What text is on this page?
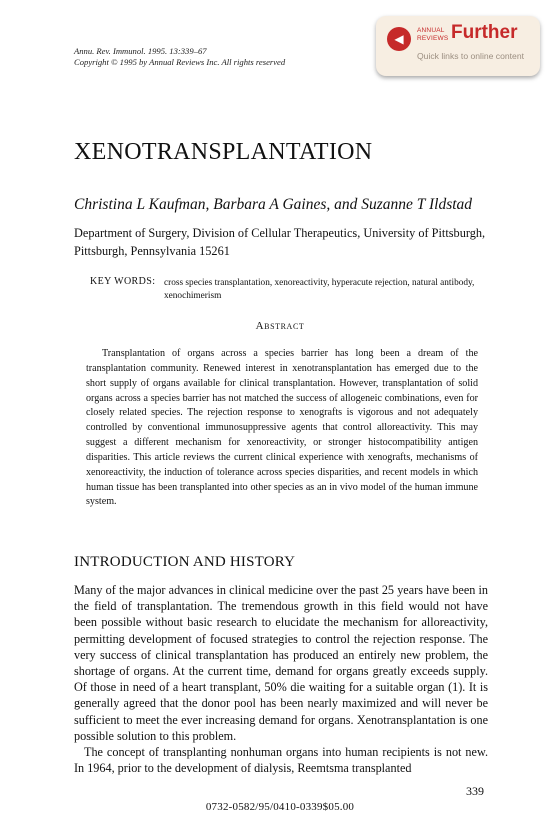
Annu. Rev. Immunol. 1995. 13:339–67
Copyright © 1995 by Annual Reviews Inc. All rights reserved
◀
ANNUAL
REVIEWS Further
Quick links to online content
XENOTRANSPLANTATION
Christina L Kaufman, Barbara A Gaines, and Suzanne T Ildstad
Department of Surgery, Division of Cellular Therapeutics, University of Pittsburgh, Pittsburgh, Pennsylvania 15261
KEY WORDS: cross species transplantation, xenoreactivity, hyperacute rejection, natural antibody, xenochimerism
Abstract
Transplantation of organs across a species barrier has long been a dream of the transplantation community. Renewed interest in xenotransplantation has emerged due to the short supply of organs available for clinical transplantation. However, transplantation of solid organs across a species barrier has not matched the success of allogeneic combinations, even for closely related species. The rejection response to xenografts is vigorous and not adequately controlled by conventional immunosuppressive agents that control alloreactivity. This may suggest a different mechanism for xenoreactivity, or stronger histocompatibility antigen disparities. This article reviews the current clinical experience with xenografts, mechanisms of xenoreactivity, the induction of tolerance across species disparities, and recent models in which human tissue has been transplanted into other species as an in vivo model of the human immune system.
INTRODUCTION AND HISTORY

Many of the major advances in clinical medicine over the past 25 years have been in the field of transplantation. The tremendous growth in this field would not have been possible without basic research to elucidate the mechanism for alloreactivity, permitting development of focused strategies to control the rejection response. The very success of clinical transplantation has produced an entirely new problem, the shortage of organs. At the current time, demand for organs greatly exceeds supply. Of those in need of a heart transplant, 50% die waiting for a suitable organ (1). It is generally agreed that the donor pool has been nearly maximized and will never be sufficient to meet the ever increasing demand for organs. Xenotransplantation is one possible solution to this problem.

The concept of transplanting nonhuman organs into human recipients is not new. In 1964, prior to the development of dialysis, Reemtsma transplanted

339
0732-0582/95/0410-0339$05.00
